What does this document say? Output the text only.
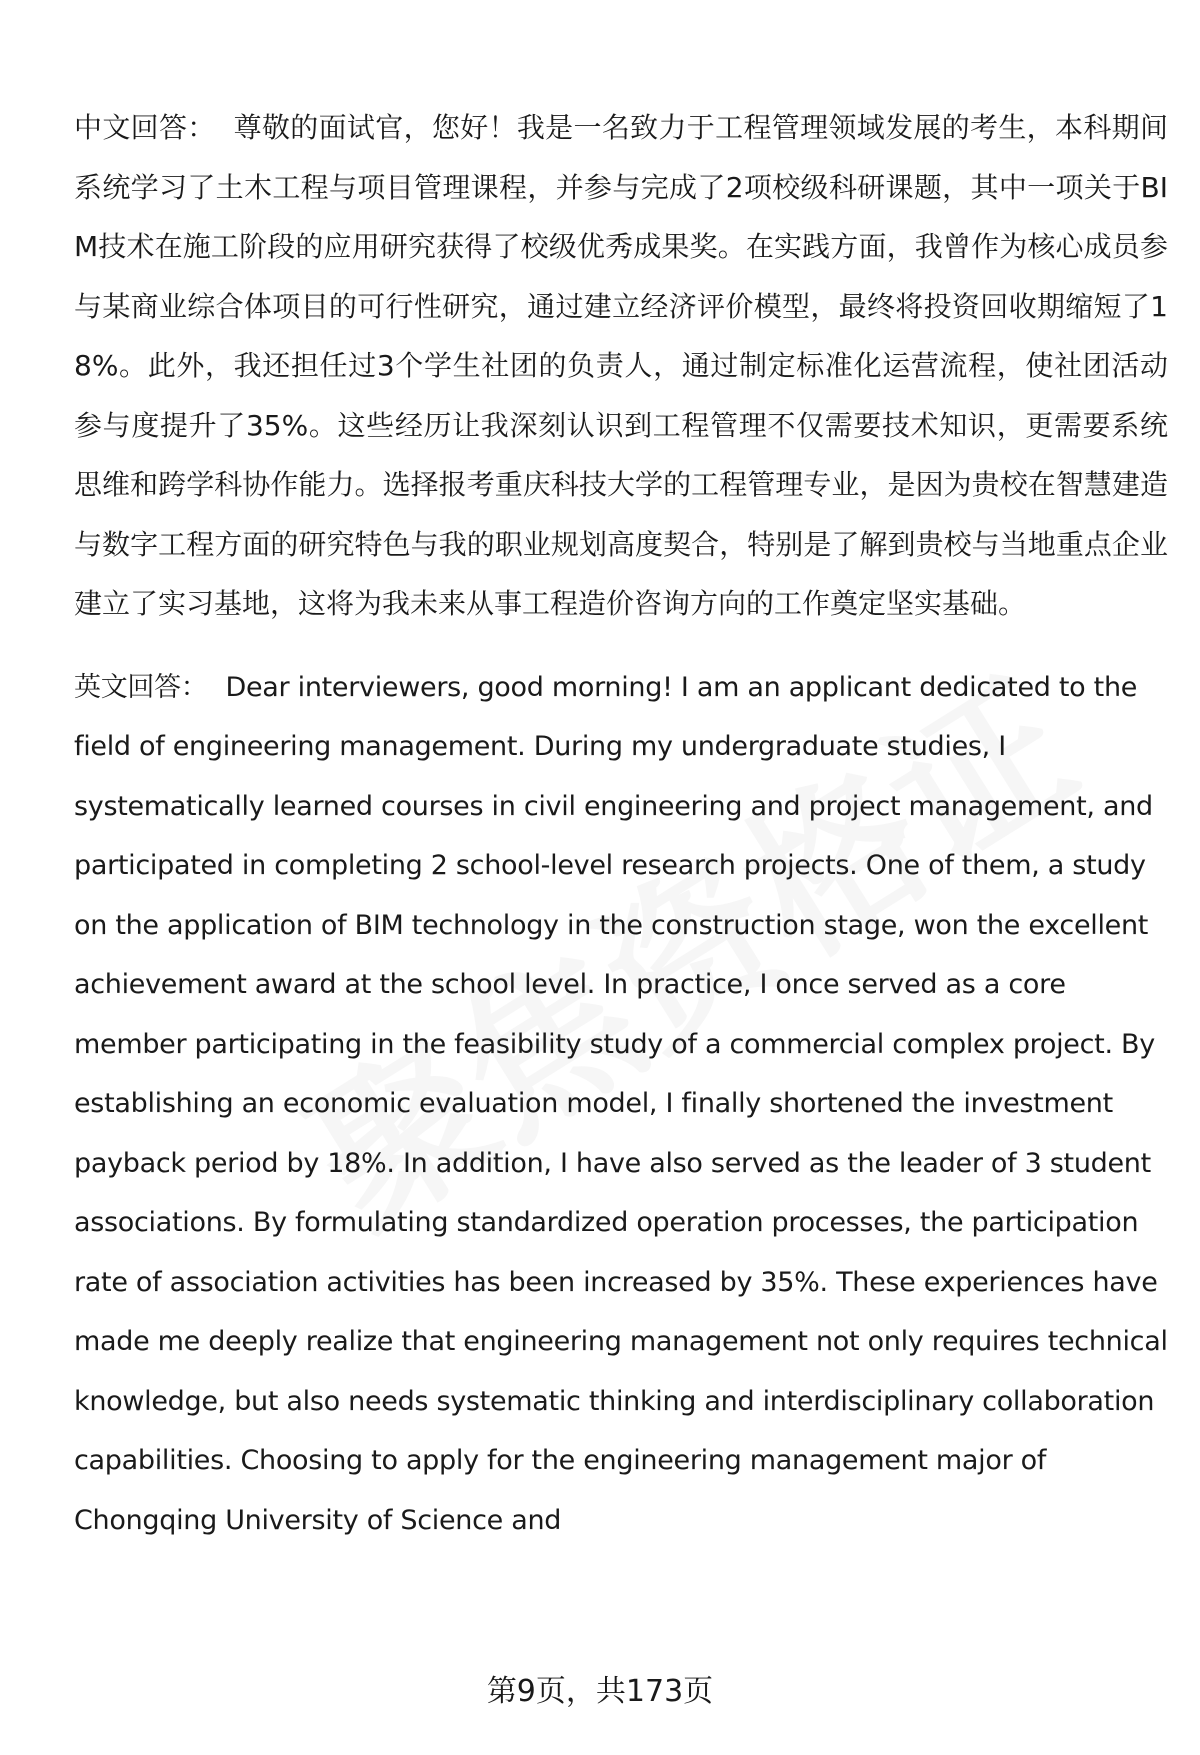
中文回答： 尊敬的面试官，您好！我是一名致力于工程管理领域发展的考生，本科期间系统学习了土木工程与项目管理课程，并参与完成了2项校级科研课题，其中一项关于BIM技术在施工阶段的应用研究获得了校级优秀成果奖。在实践方面，我曾作为核心成员参与某商业综合体项目的可行性研究，通过建立经济评价模型，最终将投资回收期缩短了18%。此外，我还担任过3个学生社团的负责人，通过制定标准化运营流程，使社团活动参与度提升了35%。这些经历让我深刻认识到工程管理不仅需要技术知识，更需要系统思维和跨学科协作能力。选择报考重庆科技大学的工程管理专业，是因为贵校在智慧建造与数字工程方面的研究特色与我的职业规划高度契合，特别是了解到贵校与当地重点企业建立了实习基地，这将为我未来从事工程造价咨询方向的工作奠定坚实基础。

英文回答： Dear interviewers, good morning! I am an applicant dedicated to the field of engineering management. During my undergraduate studies, I systematically learned courses in civil engineering and project management, and participated in completing 2 school-level research projects. One of them, a study on the application of BIM technology in the construction stage, won the excellent achievement award at the school level. In practice, I once served as a core member participating in the feasibility study of a commercial complex project. By establishing an economic evaluation model, I finally shortened the investment payback period by 18%. In addition, I have also served as the leader of 3 student associations. By formulating standardized operation processes, the participation rate of association activities has been increased by 35%. These experiences have made me deeply realize that engineering management not only requires technical knowledge, but also needs systematic thinking and interdisciplinary collaboration capabilities. Choosing to apply for the engineering management major of Chongqing University of Science and

第9页，共173页
